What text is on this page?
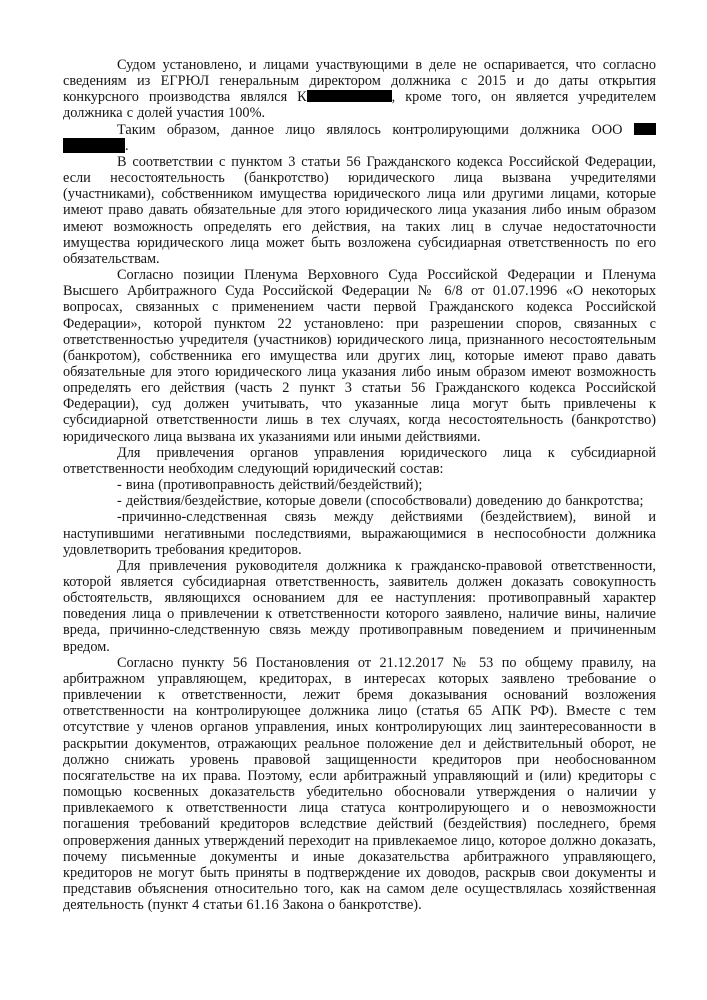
Судом установлено, и лицами участвующими в деле не оспаривается, что согласно сведениям из ЕГРЮЛ генеральным директором должника с 2015 и до даты открытия конкурсного производства являлся К	, кроме того, он является учредителем должника с долей участия 100%.

Таким образом, данное лицо являлось контролирующими должника ООО
.

В соответствии с пунктом 3 статьи 56 Гражданского кодекса Российской Федерации, если несостоятельность (банкротство) юридического лица вызвана учредителями (участниками), собственником имущества юридического лица или другими лицами, которые имеют право давать обязательные для этого юридического лица указания либо иным образом имеют возможность определять его действия, на таких лиц в случае недостаточности имущества юридического лица может быть возложена субсидиарная ответственность по его обязательствам.

Согласно позиции Пленума Верховного Суда Российской Федерации и Пленума Высшего Арбитражного Суда Российской Федерации № 6/8 от 01.07.1996 «О некоторых вопросах, связанных с применением части первой Гражданского кодекса Российской Федерации», которой пунктом 22 установлено: при разрешении споров, связанных с ответственностью учредителя (участников) юридического лица, признанного несостоятельным (банкротом), собственника его имущества или других лиц, которые имеют право давать обязательные для этого юридического лица указания либо иным образом имеют возможность определять его действия (часть 2 пункт 3 статьи 56 Гражданского кодекса Российской Федерации), суд должен учитывать, что указанные лица могут быть привлечены к субсидиарной ответственности лишь в тех случаях, когда несостоятельность (банкротство) юридического лица вызвана их указаниями или иными действиями.

Для привлечения органов управления юридического лица к субсидиарной ответственности необходим следующий юридический состав:

- вина (противоправность действий/бездействий);

- действия/бездействие, которые довели (способствовали) доведению до банкротства;

-причинно-следственная связь между действиями (бездействием), виной и наступившими негативными последствиями, выражающимися в неспособности должника удовлетворить требования кредиторов.

Для привлечения руководителя должника к гражданско-правовой ответственности, которой является субсидиарная ответственность, заявитель должен доказать совокупность обстоятельств, являющихся основанием для ее наступления: противоправный характер поведения лица о привлечении к ответственности которого заявлено, наличие вины, наличие вреда, причинно-следственную связь между противоправным поведением и причиненным вредом.

Согласно пункту 56 Постановления от 21.12.2017 № 53 по общему правилу, на арбитражном управляющем, кредиторах, в интересах которых заявлено требование о привлечении к ответственности, лежит бремя доказывания оснований возложения ответственности на контролирующее должника лицо (статья 65 АПК РФ). Вместе с тем отсутствие у членов органов управления, иных контролирующих лиц заинтересованности в раскрытии документов, отражающих реальное положение дел и действительный оборот, не должно снижать уровень правовой защищенности кредиторов при необоснованном посягательстве на их права. Поэтому, если арбитражный управляющий и (или) кредиторы с помощью косвенных доказательств убедительно обосновали утверждения о наличии у привлекаемого к ответственности лица статуса контролирующего и о невозможности погашения требований кредиторов вследствие действий (бездействия) последнего, бремя опровержения данных утверждений переходит на привлекаемое лицо, которое должно доказать, почему письменные документы и иные доказательства арбитражного управляющего, кредиторов не могут быть приняты в подтверждение их доводов, раскрыв свои документы и представив объяснения относительно того, как на самом деле осуществлялась хозяйственная деятельность (пункт 4 статьи 61.16 Закона о банкротстве).
